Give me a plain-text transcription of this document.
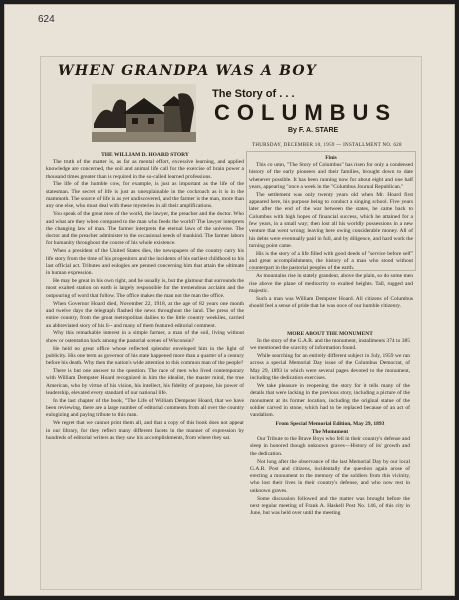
624
WHEN GRANDPA WAS A BOY
The Story of . . .
COLUMBUS
By F. A. STARE
THURSDAY, DECEMBER 10, 1959 — INSTALLMENT NO. 628
THE WILLIAM D. HOARD STORY

The truth of the matter is, as far as mental effort, excessive learning, and applied knowledge are concerned, the soil and animal life call for the exercise of brain power a thousand times greater than is required in the so-called learned professions.

The life of the humble cow, for example, is just as important as the life of the statesman. The secret of life is just as unexplainable in the cockroach as it is in the mammoth. The source of life is as yet undiscovered, and the farmer is the man, more than any one else, who must deal with these mysteries in all their amplifications.

You speak of the great men of the world, the lawyer, the preacher and the doctor. Who and what are they when compared to the man who feeds the world? The lawyer interprets the changing law of man. The farmer interprets the eternal laws of the universe. The doctor and the preacher administer to the occasional needs of mankind. The farmer labors for humanity throughout the course of his whole existence.

When a president of the United States dies, the newspapers of the country carry his life story from the time of his progenitors and the incidents of his earliest childhood to his last official act. Tributes and eulogies are penned concerning him that attain the ultimate in human expression.

He may be great in his own right, and he usually is, but the glamour that surrounds the most exalted station on earth is largely responsible for the tremendous acclaim and the outpouring of word that follow. The office makes the man not the man the office.

When Governor Hoard died, November 22, 1918, at the age of 82 years one month and twelve days the telegraph flashed the news throughout the land. The press of the entire country, from the great metropolitan dailies to the little country weeklies, carried an abbreviated story of his li-- and many of them featured editorial comment.

Why this remarkable interest in a simple farmer, a man of the soil, living without show or ostentation back among the pastorial scenes of Wisconsin?

He held no great office whose reflected splendor enveloped him in the light of publicity. His one term as governor of his state happened more than a quarter of a century before his death. Why then the nation's wide attention to this common man of the people?

There is but one answer to the question. The race of men who lived contemporary with William Dempster Hoard recognized in him the idealist, the master mind, the true American, who by virtue of his vision, his intellect, his fidelity of purpose, his power of leadership, elevated every standard of our national life.

In the last chapter of the book, "The Life of William Dempster Hoard, that we have been reviewing, there are a large number of editorial comments from all over the country eulogizing and paying tribute to this man.

We regret that we cannot print them all, and that a copy of this book does not appear in our library, for they reflect many different facets in the manner of expression by hundreds of editorial writers as they saw his accomplishments, from where they sat.

Finis

This co umn, "The Story of Columbus" has risen for only a condensed history of the early pioneers and their families, brought down to date whenever possible. It has been running now for about eight and one half years, appearing "once a week in the "Columbus Journal Republican."

The settlement was only twenty years old when Mr. Hoard first appeared here, his purpose being to conduct a singing school. Five years later after the end of the war between the states, he came back to Columbus with high hopes of financial success, which he attained for a few years, in a small way; then lost all his worldly possessions in a new venture that went wrong; leaving here owing considerable money. All of his debts were eventually paid in full, and by diligence, and hard work the turning point came.

His is the story of a life filled with good deeds of "service before self" and great accomplishments, the history of a man who stood without counterpart in the pastorial peoples of the earth.

As mountains rise in stately grandeur, above the plain, so do some men rise above the plane of mediocrity to exalted heights. Tall, rugged and majestic.

Such a man was William Dempster Hoard. All citizens of Columbus should feel a sense of pride that he was once of our humble citizenry.

MORE ABOUT THE MONUMENT

In the story of the G.A.R. and the monument, installments 374 to 385 we mentioned the scarcity of information found.

While searching for an entirely different subject in July, 1959 we ran across a special Memorial Day issue of the Columbus Democrat, of May 29, 1893 in which were several pages devoted to the monument, including the dedication exercises.

We take pleasure in reopening the story for it tells many of the details that were lacking in the previous story, including a picture of the monument at its former location, including the original statue of the soldier carved in stone, which had to be replaced because of an act of vandalism.

From Special Memorial Edition, May 29, 1893
The Monument

Our Tribute to the Brave Boys who fell in their country's defense and sleep in honored though unknown graves—History of its' growth and the dedication.

Not long after the observance of the last Memorial Day by our local G.A.R. Post and citizens, incidentally the question again arose of erecting a monument to the memory of the soldiers from this vicinity, who lost their lives in their country's defense, and who now rest in unknown graves.

Some discussion followed and the matter was brought before the next regular meeting of Frank A. Haskell Post No. 146, of this city in June, but was held over until the meeting
